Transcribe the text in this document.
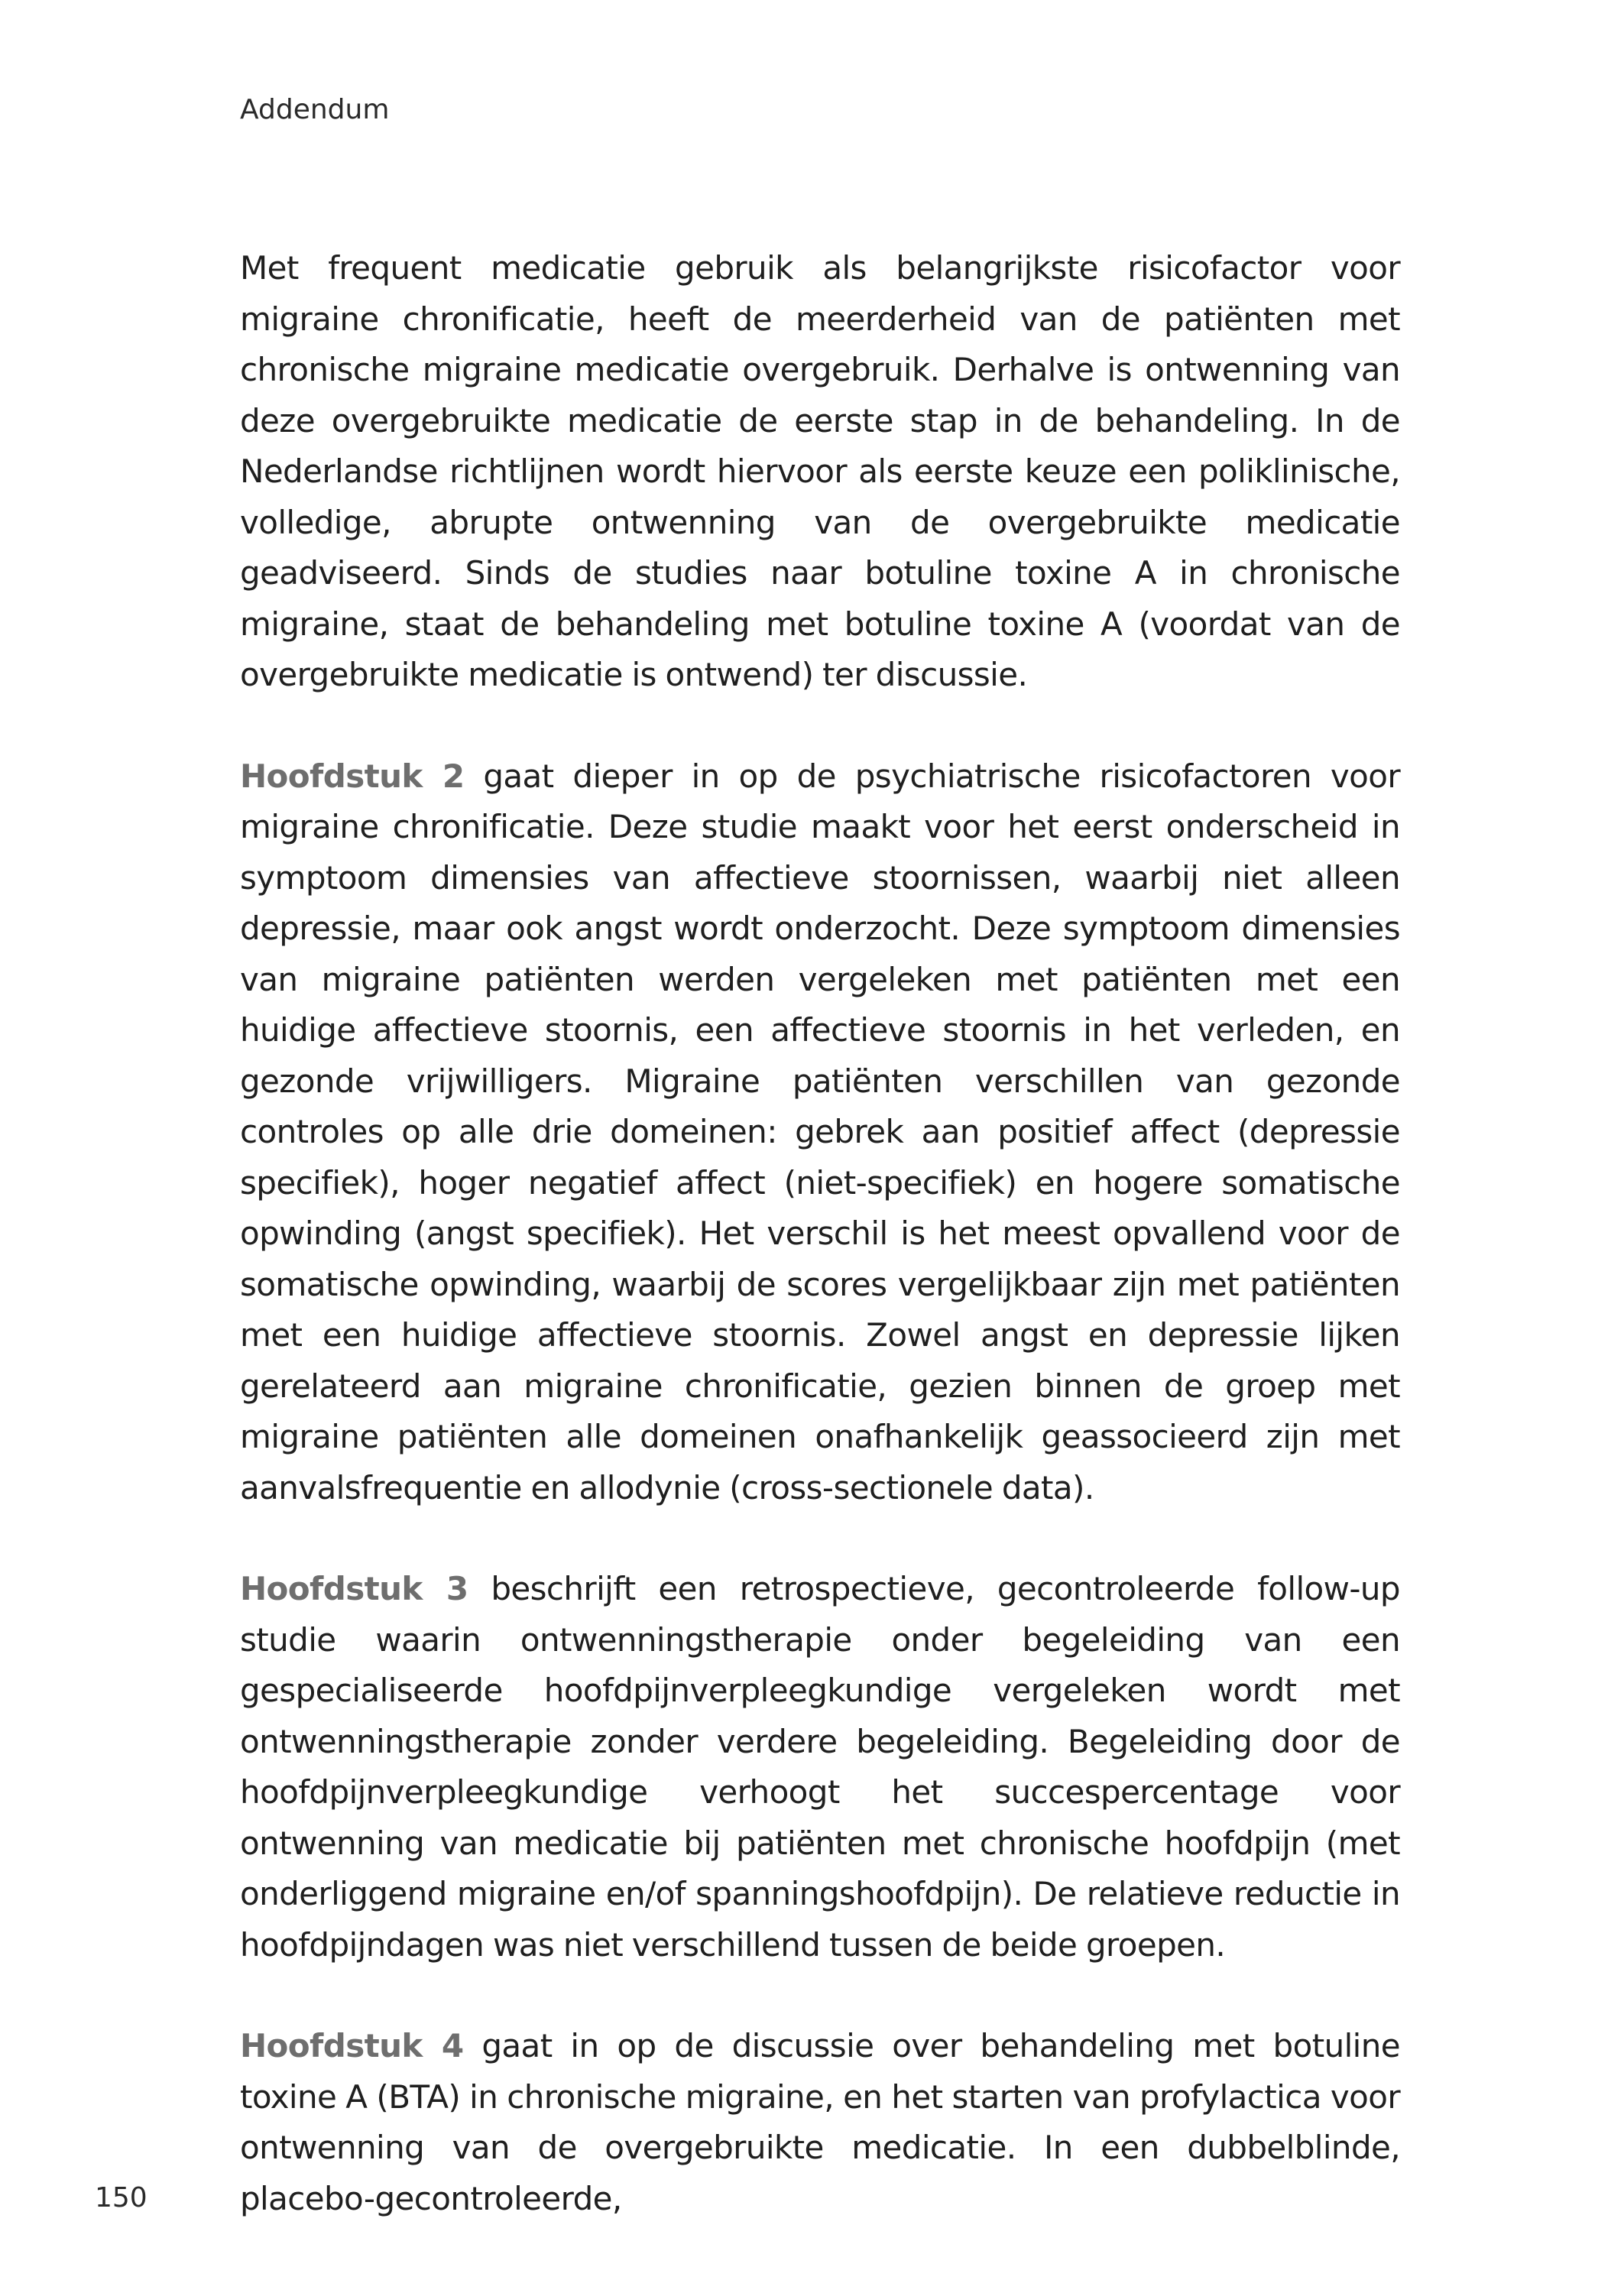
Addendum

Met frequent medicatie gebruik als belangrijkste risicofactor voor migraine chronificatie, heeft de meerderheid van de patiënten met chronische migraine medicatie overgebruik. Derhalve is ontwenning van deze overgebruikte medicatie de eerste stap in de behandeling. In de Nederlandse richtlijnen wordt hiervoor als eerste keuze een poliklinische, volledige, abrupte ontwenning van de overgebruikte medicatie geadviseerd. Sinds de studies naar botuline toxine A in chronische migraine, staat de behandeling met botuline toxine A (voordat van de overgebruikte medicatie is ontwend) ter discussie.

Hoofdstuk 2 gaat dieper in op de psychiatrische risicofactoren voor migraine chronificatie. Deze studie maakt voor het eerst onderscheid in symptoom dimensies van affectieve stoornissen, waarbij niet alleen depressie, maar ook angst wordt onderzocht. Deze symptoom dimensies van migraine patiënten werden vergeleken met patiënten met een huidige affectieve stoornis, een affectieve stoornis in het verleden, en gezonde vrijwilligers. Migraine patiënten verschillen van gezonde controles op alle drie domeinen: gebrek aan positief affect (depressie specifiek), hoger negatief affect (niet-specifiek) en hogere somatische opwinding (angst specifiek). Het verschil is het meest opvallend voor de somatische opwinding, waarbij de scores vergelijkbaar zijn met patiënten met een huidige affectieve stoornis. Zowel angst en depressie lijken gerelateerd aan migraine chronificatie, gezien binnen de groep met migraine patiënten alle domeinen onafhankelijk geassocieerd zijn met aanvalsfrequentie en allodynie (cross-sectionele data).

Hoofdstuk 3 beschrijft een retrospectieve, gecontroleerde follow-up studie waarin ontwenningstherapie onder begeleiding van een gespecialiseerde hoofdpijnverpleegkundige vergeleken wordt met ontwenningstherapie zonder verdere begeleiding. Begeleiding door de hoofdpijnverpleegkundige verhoogt het succespercentage voor ontwenning van medicatie bij patiënten met chronische hoofdpijn (met onderliggend migraine en/of spanningshoofdpijn). De relatieve reductie in hoofdpijndagen was niet verschillend tussen de beide groepen.

Hoofdstuk 4 gaat in op de discussie over behandeling met botuline toxine A (BTA) in chronische migraine, en het starten van profylactica voor ontwenning van de overgebruikte medicatie. In een dubbelblinde, placebo-gecontroleerde,

150
